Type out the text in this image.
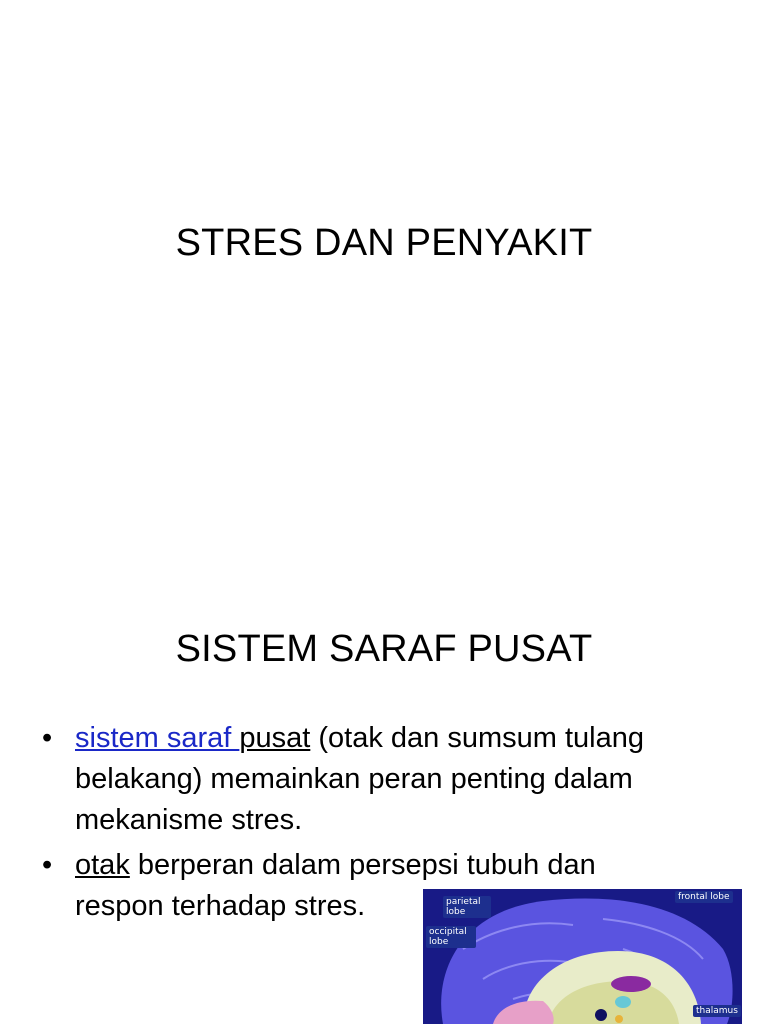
STRES DAN PENYAKIT
SISTEM SARAF PUSAT
• sistem saraf pusat (otak dan sumsum tulang belakang) memainkan peran penting dalam mekanisme stres.
• otak berperan dalam persepsi tubuh dan respon terhadap stres.	parietal lobe
occipital lobe
frontal lobe
thalamus
